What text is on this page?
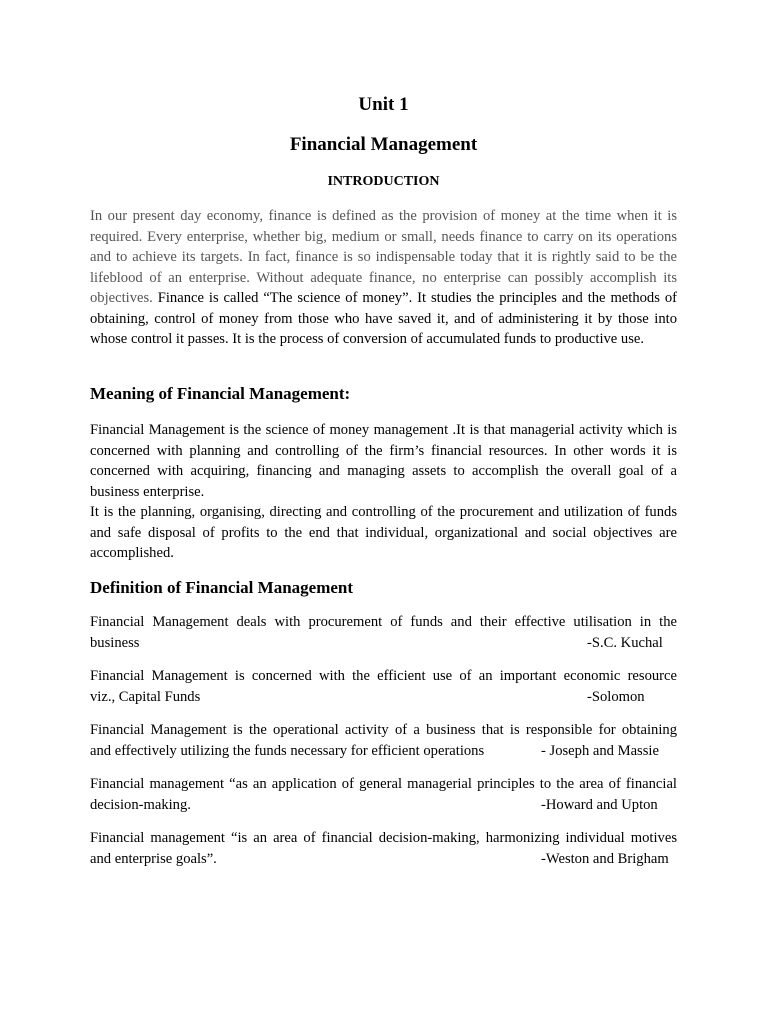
Unit 1
Financial Management
INTRODUCTION

In our present day economy, finance is defined as the provision of money at the time when it is required. Every enterprise, whether big, medium or small, needs finance to carry on its operations and to achieve its targets. In fact, finance is so indispensable today that it is rightly said to be the lifeblood of an enterprise. Without adequate finance, no enterprise can possibly accomplish its objectives. Finance is called “The science of money”. It studies the principles and the methods of obtaining, control of money from those who have saved it, and of administering it by those into whose control it passes. It is the process of conversion of accumulated funds to productive use.

Meaning of Financial Management:

Financial Management is the science of money management .It is that managerial activity which is concerned with planning and controlling of the firm’s financial resources. In other words it is concerned with acquiring, financing and managing assets to accomplish the overall goal of a business enterprise.

It is the planning, organising, directing and controlling of the procurement and utilization of funds and safe disposal of profits to the end that individual, organizational and social objectives are accomplished.

Definition of Financial Management
Financial Management deals with procurement of funds and their effective utilisation in the
business	-S.C. Kuchal
Financial Management is concerned with the efficient use of an important economic resource
viz., Capital Funds	-Solomon
Financial Management is the operational activity of a business that is responsible for obtaining
and effectively utilizing the funds necessary for efficient operations	- Joseph and Massie
Financial management “as an application of general managerial principles to the area of financial
decision-making.	-Howard and Upton
Financial management “is an area of financial decision-making, harmonizing individual motives
and enterprise goals”.	-Weston and Brigham
